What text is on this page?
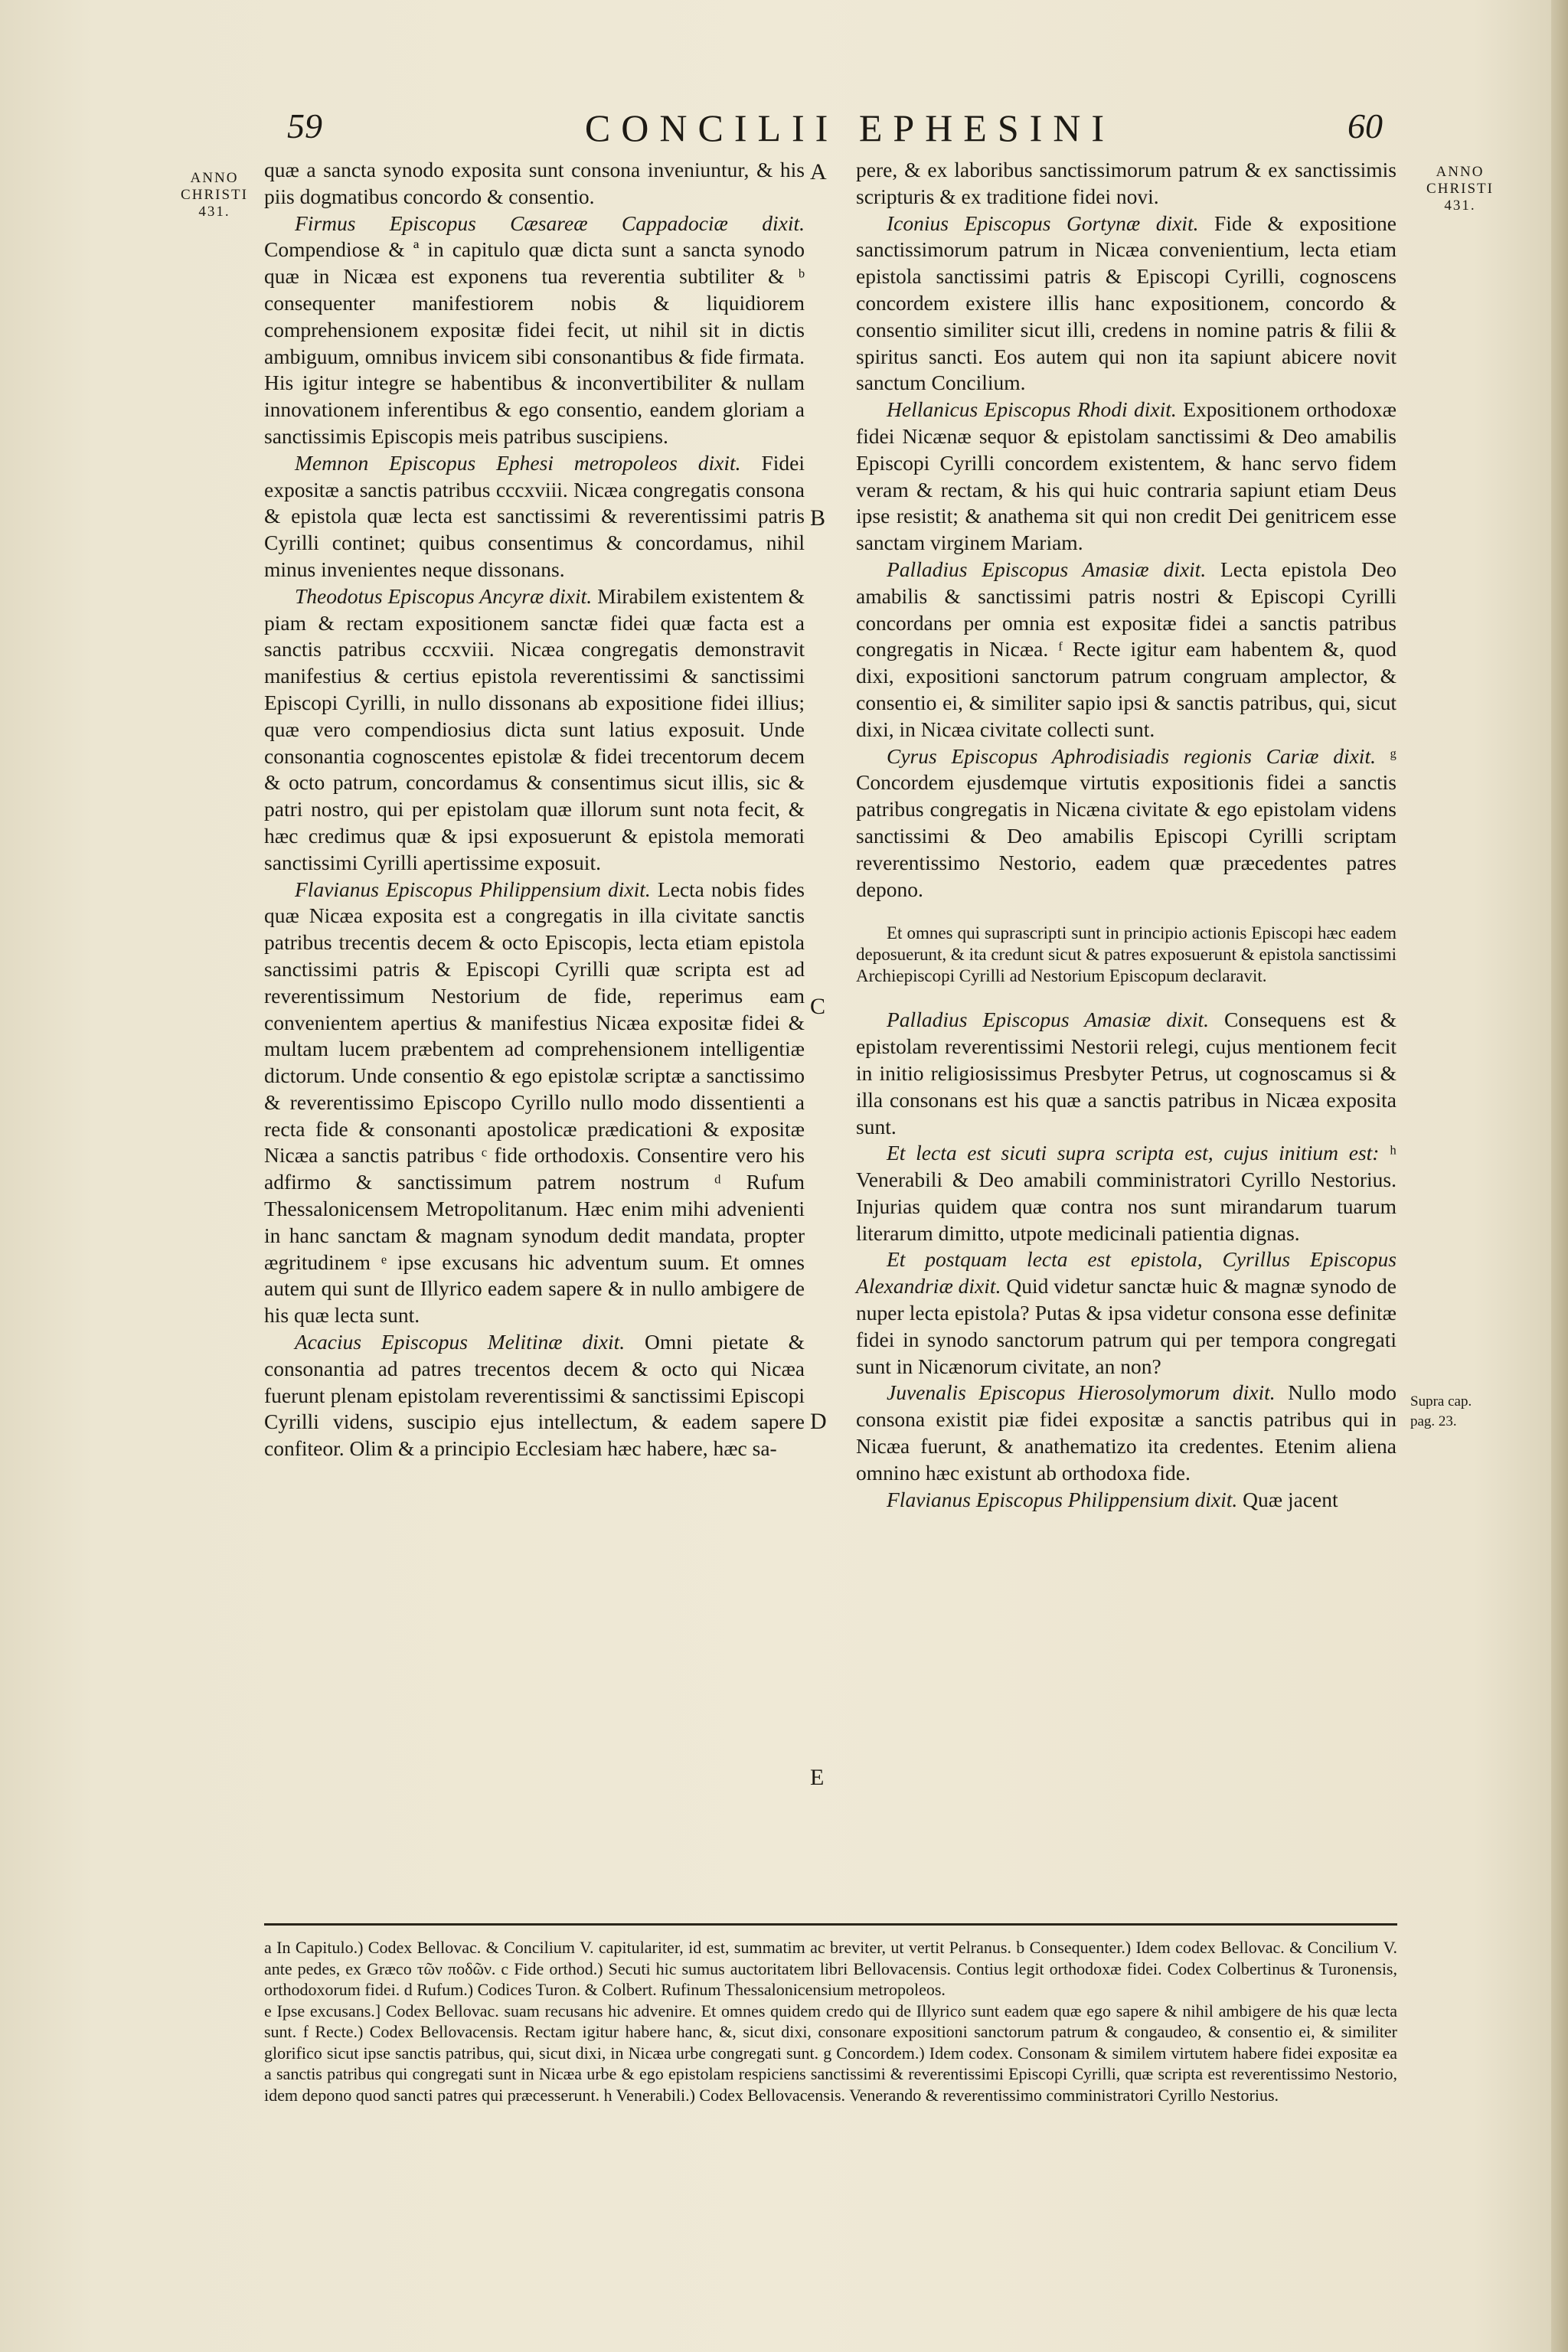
59	CONCILII EPHESINI	60
ANNO
CHRISTI
431.
ANNO
CHRISTI
431.
Supra cap.
pag. 23.
A
B
C
D
E

quæ a sancta synodo exposita sunt consona inveniuntur, & his piis dogmatibus concordo & consentio.

Firmus Episcopus Cæsareæ Cappadociæ dixit. Compendiose & ª in capitulo quæ dicta sunt a sancta synodo quæ in Nicæa est exponens tua reverentia subtiliter & ᵇ consequenter manifestiorem nobis & liquidiorem comprehensionem expositæ fidei fecit, ut nihil sit in dictis ambiguum, omnibus invicem sibi consonantibus & fide firmata. His igitur integre se habentibus & inconvertibiliter & nullam innovationem inferentibus & ego consentio, eandem gloriam a sanctissimis Episcopis meis patribus suscipiens.

Memnon Episcopus Ephesi metropoleos dixit. Fidei expositæ a sanctis patribus cccxviii. Nicæa congregatis consona & epistola quæ lecta est sanctissimi & reverentissimi patris Cyrilli continet; quibus consentimus & concordamus, nihil minus invenientes neque dissonans.

Theodotus Episcopus Ancyræ dixit. Mirabilem existentem & piam & rectam expositionem sanctæ fidei quæ facta est a sanctis patribus cccxviii. Nicæa congregatis demonstravit manifestius & certius epistola reverentissimi & sanctissimi Episcopi Cyrilli, in nullo dissonans ab expositione fidei illius; quæ vero compendiosius dicta sunt latius exposuit. Unde consonantia cognoscentes epistolæ & fidei trecentorum decem & octo patrum, concordamus & consentimus sicut illis, sic & patri nostro, qui per epistolam quæ illorum sunt nota fecit, & hæc credimus quæ & ipsi exposuerunt & epistola memorati sanctissimi Cyrilli apertissime exposuit.

Flavianus Episcopus Philippensium dixit. Lecta nobis fides quæ Nicæa exposita est a congregatis in illa civitate sanctis patribus trecentis decem & octo Episcopis, lecta etiam epistola sanctissimi patris & Episcopi Cyrilli quæ scripta est ad reverentissimum Nestorium de fide, reperimus eam convenientem apertius & manifestius Nicæa expositæ fidei & multam lucem præbentem ad comprehensionem intelligentiæ dictorum. Unde consentio & ego epistolæ scriptæ a sanctissimo & reverentissimo Episcopo Cyrillo nullo modo dissentienti a recta fide & consonanti apostolicæ prædicationi & expositæ Nicæa a sanctis patribus ᶜ fide orthodoxis. Consentire vero his adfirmo & sanctissimum patrem nostrum ᵈ Rufum Thessalonicensem Metropolitanum. Hæc enim mihi advenienti in hanc sanctam & magnam synodum dedit mandata, propter ægritudinem ᵉ ipse excusans hic adventum suum. Et omnes autem qui sunt de Illyrico eadem sapere & in nullo ambigere de his quæ lecta sunt.

Acacius Episcopus Melitinæ dixit. Omni pietate & consonantia ad patres trecentos decem & octo qui Nicæa fuerunt plenam epistolam reverentissimi & sanctissimi Episcopi Cyrilli videns, suscipio ejus intellectum, & eadem sapere confiteor. Olim & a principio Ecclesiam hæc habere, hæc sa-

pere, & ex laboribus sanctissimorum patrum & ex sanctissimis scripturis & ex traditione fidei novi.

Iconius Episcopus Gortynæ dixit. Fide & expositione sanctissimorum patrum in Nicæa convenientium, lecta etiam epistola sanctissimi patris & Episcopi Cyrilli, cognoscens concordem existere illis hanc expositionem, concordo & consentio similiter sicut illi, credens in nomine patris & filii & spiritus sancti. Eos autem qui non ita sapiunt abicere novit sanctum Concilium.

Hellanicus Episcopus Rhodi dixit. Expositionem orthodoxæ fidei Nicænæ sequor & epistolam sanctissimi & Deo amabilis Episcopi Cyrilli concordem existentem, & hanc servo fidem veram & rectam, & his qui huic contraria sapiunt etiam Deus ipse resistit; & anathema sit qui non credit Dei genitricem esse sanctam virginem Mariam.

Palladius Episcopus Amasiæ dixit. Lecta epistola Deo amabilis & sanctissimi patris nostri & Episcopi Cyrilli concordans per omnia est expositæ fidei a sanctis patribus congregatis in Nicæa. ᶠ Recte igitur eam habentem &, quod dixi, expositioni sanctorum patrum congruam amplector, & consentio ei, & similiter sapio ipsi & sanctis patribus, qui, sicut dixi, in Nicæa civitate collecti sunt.

Cyrus Episcopus Aphrodisiadis regionis Cariæ dixit. ᵍ Concordem ejusdemque virtutis expositionis fidei a sanctis patribus congregatis in Nicæna civitate & ego epistolam videns sanctissimi & Deo amabilis Episcopi Cyrilli scriptam reverentissimo Nestorio, eadem quæ præcedentes patres depono.

Et omnes qui suprascripti sunt in principio actionis Episcopi hæc eadem deposuerunt, & ita credunt sicut & patres exposuerunt & epistola sanctissimi Archiepiscopi Cyrilli ad Nestorium Episcopum declaravit.

Palladius Episcopus Amasiæ dixit. Consequens est & epistolam reverentissimi Nestorii relegi, cujus mentionem fecit in initio religiosissimus Presbyter Petrus, ut cognoscamus si & illa consonans est his quæ a sanctis patribus in Nicæa exposita sunt.

Et lecta est sicuti supra scripta est, cujus initium est: ʰ Venerabili & Deo amabili comministratori Cyrillo Nestorius. Injurias quidem quæ contra nos sunt mirandarum tuarum literarum dimitto, utpote medicinali patientia dignas.

Et postquam lecta est epistola, Cyrillus Episcopus Alexandriæ dixit. Quid videtur sanctæ huic & magnæ synodo de nuper lecta epistola? Putas & ipsa videtur consona esse definitæ fidei in synodo sanctorum patrum qui per tempora congregati sunt in Nicænorum civitate, an non?

Juvenalis Episcopus Hierosolymorum dixit. Nullo modo consona existit piæ fidei expositæ a sanctis patribus qui in Nicæa fuerunt, & anathematizo ita credentes. Etenim aliena omnino hæc existunt ab orthodoxa fide.

Flavianus Episcopus Philippensium dixit. Quæ jacent

a In Capitulo.) Codex Bellovac. & Concilium V. capitulariter, id est, summatim ac breviter, ut vertit Pelranus. b Consequenter.) Idem codex Bellovac. & Concilium V. ante pedes, ex Græco τῶν ποδῶν. c Fide orthod.) Secuti hic sumus auctoritatem libri Bellovacensis. Contius legit orthodoxæ fidei. Codex Colbertinus & Turonensis, orthodoxorum fidei. d Rufum.) Codices Turon. & Colbert. Rufinum Thessalonicensium metropoleos.

e Ipse excusans.] Codex Bellovac. suam recusans hic advenire. Et omnes quidem credo qui de Illyrico sunt eadem quæ ego sapere & nihil ambigere de his quæ lecta sunt. f Recte.) Codex Bellovacensis. Rectam igitur habere hanc, &, sicut dixi, consonare expositioni sanctorum patrum & congaudeo, & consentio ei, & similiter glorifico sicut ipse sanctis patribus, qui, sicut dixi, in Nicæa urbe congregati sunt. g Concordem.) Idem codex. Consonam & similem virtutem habere fidei expositæ ea a sanctis patribus qui congregati sunt in Nicæa urbe & ego epistolam respiciens sanctissimi & reverentissimi Episcopi Cyrilli, quæ scripta est reverentissimo Nestorio, idem depono quod sancti patres qui præcesserunt. h Venerabili.) Codex Bellovacensis. Venerando & reverentissimo comministratori Cyrillo Nestorius.
